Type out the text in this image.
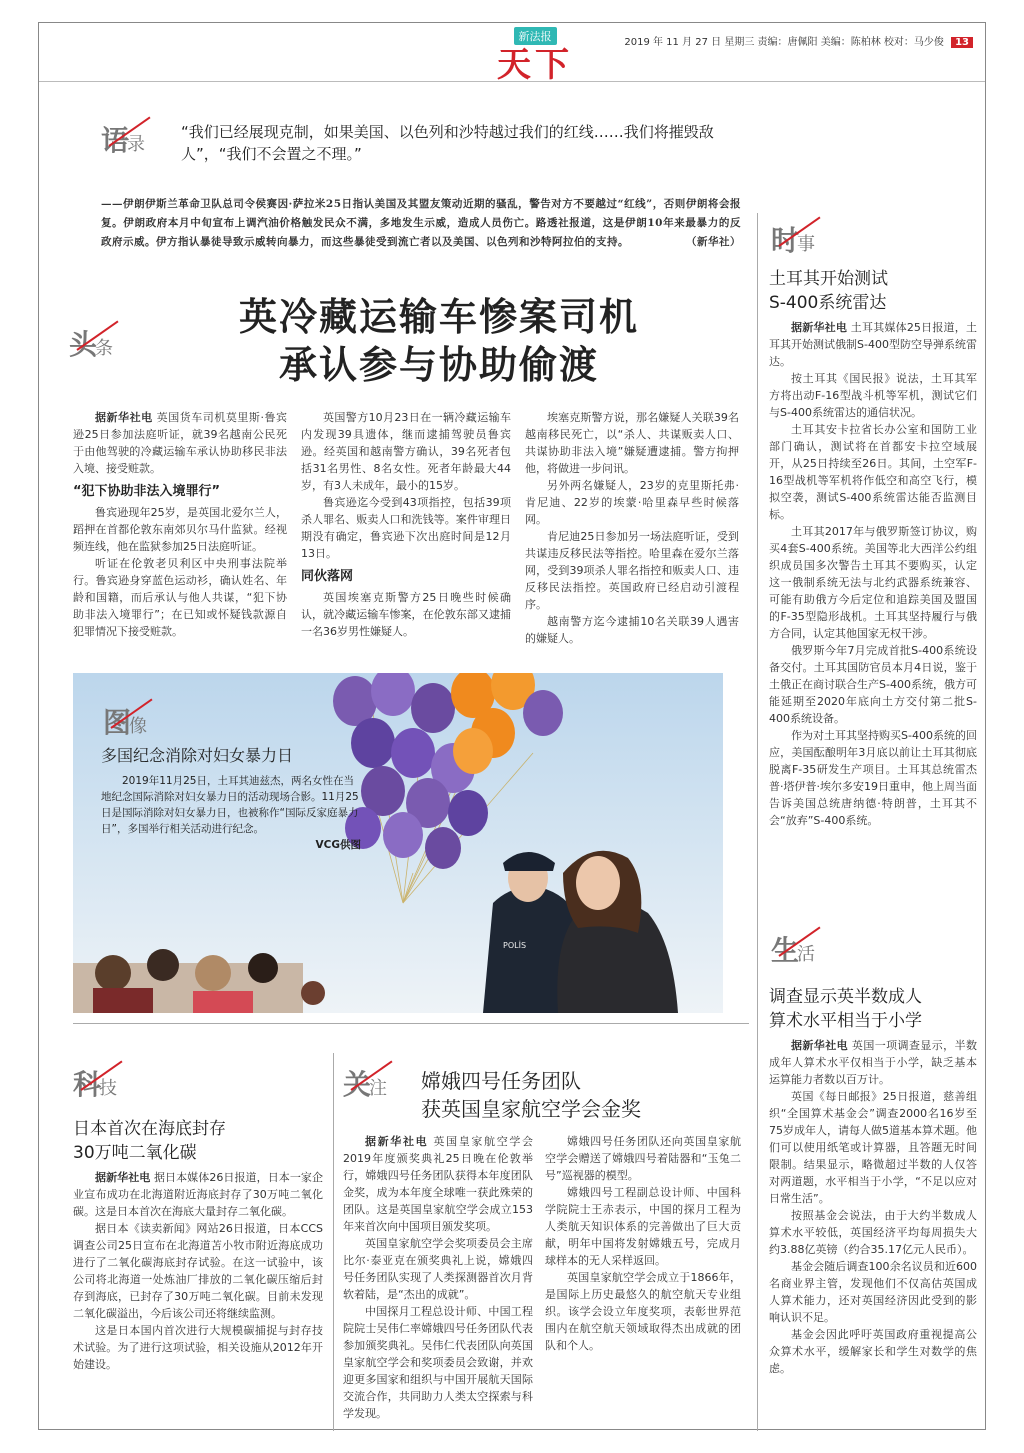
新法报
天下
2019 年 11 月 27 日 星期三 责编：唐佩阳 美编：陈柏林 校对：马少俊 13
语录
“我们已经展现克制，如果美国、以色列和沙特越过我们的红线……我们将摧毁敌人”，“我们不会置之不理。”
——伊朗伊斯兰革命卫队总司令侯赛因·萨拉米25日指认美国及其盟友策动近期的骚乱，警告对方不要越过“红线”，否则伊朗将会报复。伊朗政府本月中旬宣布上调汽油价格触发民众不满，多地发生示威，造成人员伤亡。路透社报道，这是伊朗10年来最暴力的反政府示威。伊方指认暴徒导致示威转向暴力，而这些暴徒受到流亡者以及美国、以色列和沙特阿拉伯的支持。	（新华社）
头条
英冷藏运输车惨案司机
承认参与协助偷渡

据新华社电 英国货车司机莫里斯·鲁宾逊25日参加法庭听证，就39名越南公民死于由他驾驶的冷藏运输车承认协助移民非法入境、接受赃款。

“犯下协助非法入境罪行”

鲁宾逊现年25岁，是英国北爱尔兰人，蹈押在首都伦敦东南郊贝尔马什监狱。经视频连线，他在监狱参加25日法庭听证。

听证在伦敦老贝利区中央刑事法院举行。鲁宾逊身穿蓝色运动衫，确认姓名、年龄和国籍，而后承认与他人共谋，“犯下协助非法入境罪行”；在已知或怀疑钱款源自犯罪情况下接受赃款。

英国警方10月23日在一辆冷藏运输车内发现39具遗体，继而逮捕驾驶员鲁宾逊。经英国和越南警方确认，39名死者包括31名男性、8名女性。死者年龄最大44岁，有3人未成年，最小的15岁。

鲁宾逊迄今受到43项指控，包括39项杀人罪名、贩卖人口和洗钱等。案件审理日期没有确定，鲁宾逊下次出庭时间是12月13日。

同伙落网

英国埃塞克斯警方25日晚些时候确认，就冷藏运输车惨案，在伦敦东部又逮捕一名36岁男性嫌疑人。

埃塞克斯警方说，那名嫌疑人关联39名越南移民死亡，以“杀人、共谋贩卖人口、共谋协助非法入境”嫌疑遭逮捕。警方拘押他，将做进一步问讯。

另外两名嫌疑人，23岁的克里斯托弗·肯尼迪、22岁的埃蒙·哈里森早些时候落网。

肯尼迪25日参加另一场法庭听证，受到共谋违反移民法等指控。哈里森在爱尔兰落网，受到39项杀人罪名指控和贩卖人口、违反移民法指控。英国政府已经启动引渡程序。

越南警方迄今逮捕10名关联39人遇害的嫌疑人。

POLİS
图像
多国纪念消除对妇女暴力日

2019年11月25日，土耳其迪兹杰，两名女性在当地纪念国际消除对妇女暴力日的活动现场合影。11月25日是国际消除对妇女暴力日，也被称作“国际反家庭暴力日”，多国举行相关活动进行纪念。

VCG供图
科技
日本首次在海底封存
30万吨二氧化碳

据新华社电 据日本媒体26日报道，日本一家企业宣布成功在北海道附近海底封存了30万吨二氧化碳。这是日本首次在海底大量封存二氧化碳。

据日本《读卖新闻》网站26日报道，日本CCS调查公司25日宣布在北海道苫小牧市附近海底成功进行了二氧化碳海底封存试验。在这一试验中，该公司将北海道一处炼油厂排放的二氧化碳压缩后封存到海底，已封存了30万吨二氧化碳。目前未发现二氧化碳溢出，今后该公司还将继续监测。

这是日本国内首次进行大规模碳捕捉与封存技术试验。为了进行这项试验，相关设施从2012年开始建设。

关注 嫦娥四号任务团队
获英国皇家航空学会金奖

据新华社电 英国皇家航空学会2019年度颁奖典礼25日晚在伦敦举行，嫦娥四号任务团队获得本年度团队金奖，成为本年度全球唯一获此殊荣的团队。这是英国皇家航空学会成立153年来首次向中国项目颁发奖项。

英国皇家航空学会奖项委员会主席比尔·泰亚克在颁奖典礼上说，嫦娥四号任务团队实现了人类探测器首次月背软着陆，是“杰出的成就”。

中国探月工程总设计师、中国工程院院士吴伟仁率嫦娥四号任务团队代表参加颁奖典礼。吴伟仁代表团队向英国皇家航空学会和奖项委员会致谢，并欢迎更多国家和组织与中国开展航天国际交流合作，共同助力人类太空探索与科学发现。

嫦娥四号任务团队还向英国皇家航空学会赠送了嫦娥四号着陆器和“玉兔二号”巡视器的模型。

嫦娥四号工程副总设计师、中国科学院院士王赤表示，中国的探月工程为人类航天知识体系的完善做出了巨大贡献，明年中国将发射嫦娥五号，完成月球样本的无人采样返回。

英国皇家航空学会成立于1866年，是国际上历史最悠久的航空航天专业组织。该学会设立年度奖项，表彰世界范围内在航空航天领域取得杰出成就的团队和个人。

时事
土耳其开始测试
S-400系统雷达

据新华社电 土耳其媒体25日报道，土耳其开始测试俄制S-400型防空导弹系统雷达。

按土耳其《国民报》说法，土耳其军方将出动F-16型战斗机等军机，测试它们与S-400系统雷达的通信状况。

土耳其安卡拉省长办公室和国防工业部门确认，测试将在首都安卡拉空域展开，从25日持续至26日。其间，土空军F-16型战机等军机将作低空和高空飞行，模拟空袭，测试S-400系统雷达能否监测目标。

土耳其2017年与俄罗斯签订协议，购买4套S-400系统。美国等北大西洋公约组织成员国多次警告土耳其不要购买，认定这一俄制系统无法与北约武器系统兼容、可能有助俄方今后定位和追踪美国及盟国的F-35型隐形战机。土耳其坚持履行与俄方合同，认定其他国家无权干涉。

俄罗斯今年7月完成首批S-400系统设备交付。土耳其国防官员本月4日说，鉴于土俄正在商讨联合生产S-400系统，俄方可能延期至2020年底向土方交付第二批S-400系统设备。

作为对土耳其坚持购买S-400系统的回应，美国酝酿明年3月底以前让土耳其彻底脱离F-35研发生产项目。土耳其总统雷杰普·塔伊普·埃尔多安19日重申，他上周当面告诉美国总统唐纳德·特朗普，土耳其不会“放弃”S-400系统。

生活
调查显示英半数成人
算术水平相当于小学

据新华社电 英国一项调查显示，半数成年人算术水平仅相当于小学，缺乏基本运算能力者数以百万计。

英国《每日邮报》25日报道，慈善组织“全国算术基金会”调查2000名16岁至75岁成年人，请每人做5道基本算术题。他们可以使用纸笔或计算器，且答题无时间限制。结果显示，略微超过半数的人仅答对两道题，水平相当于小学，“不足以应对日常生活”。

按照基金会说法，由于大约半数成人算术水平较低，英国经济平均每周损失大约3.88亿英镑（约合35.17亿元人民币）。

基金会随后调查100余名议员和近600名商业界主管，发现他们不仅高估英国成人算术能力，还对英国经济因此受到的影响认识不足。

基金会因此呼吁英国政府重视提高公众算术水平，缓解家长和学生对数学的焦虑。
